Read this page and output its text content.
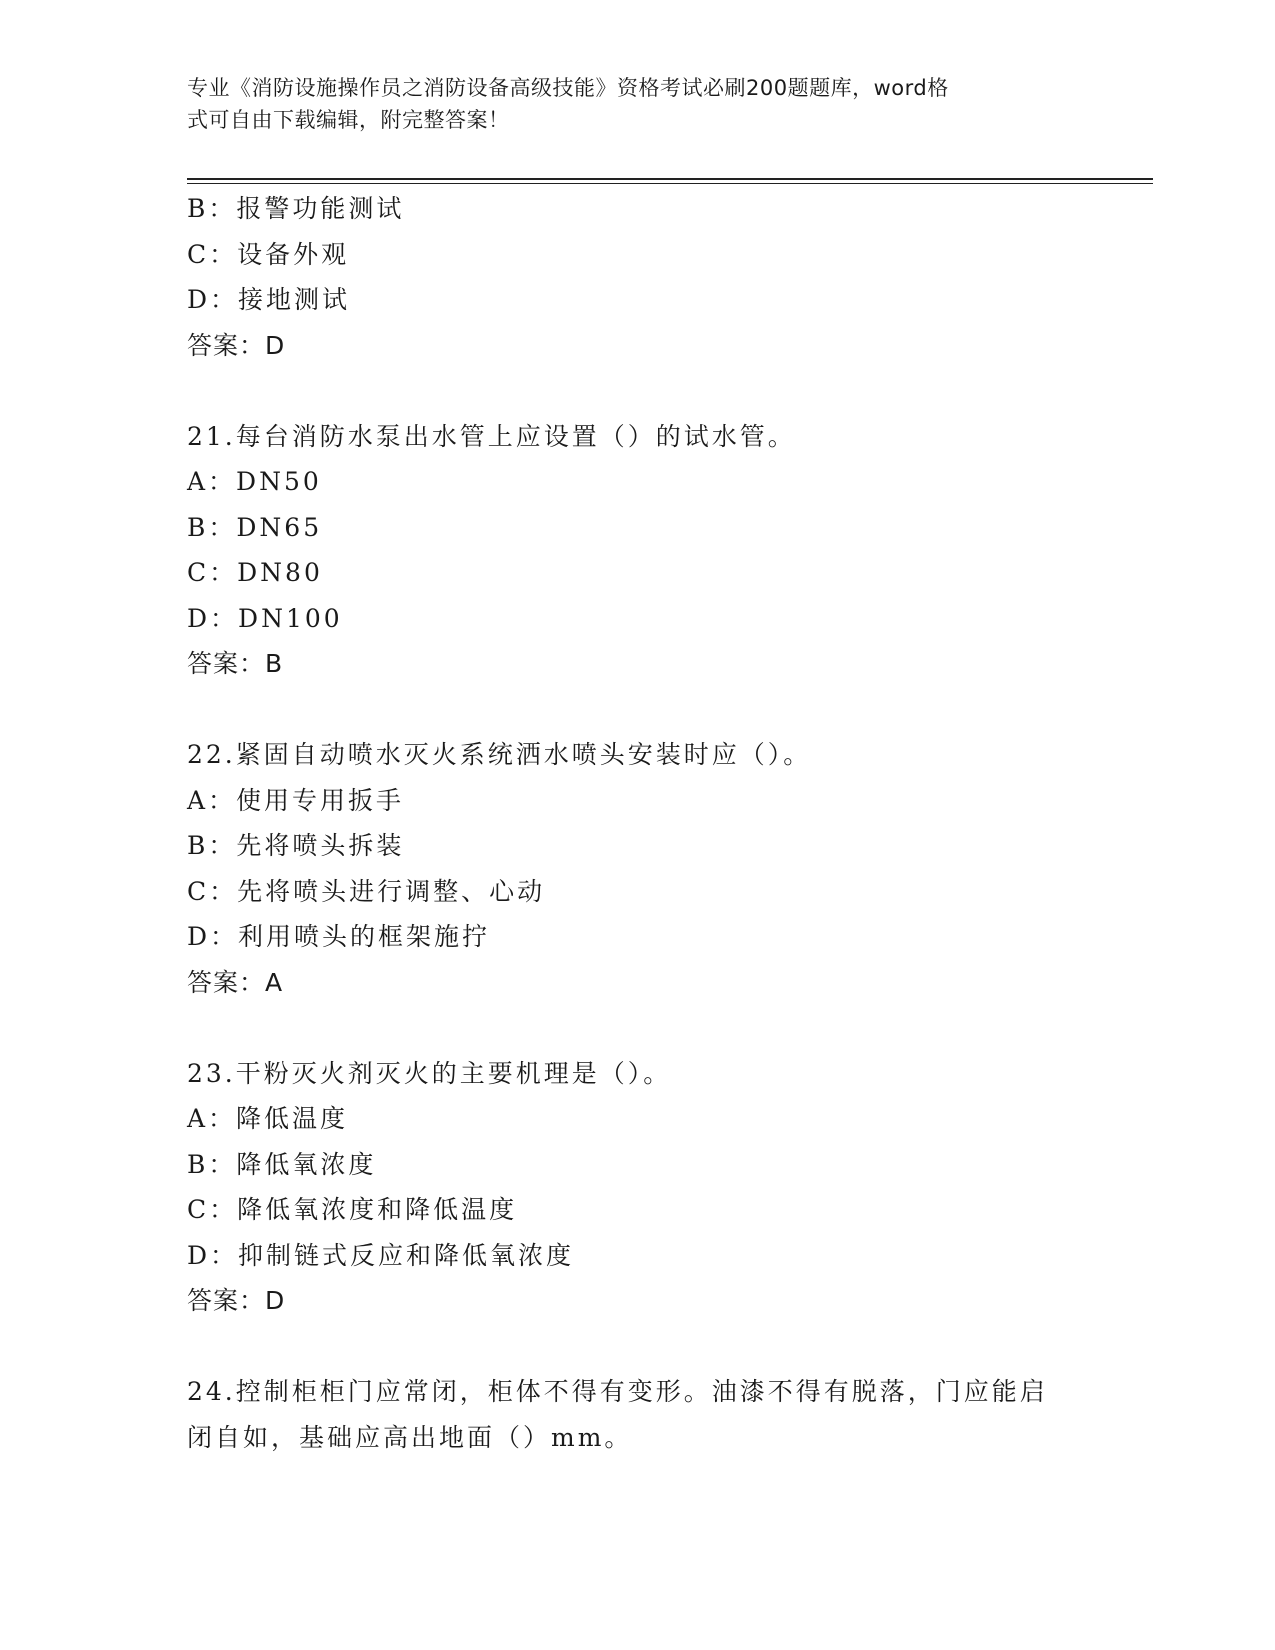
专业《消防设施操作员之消防设备高级技能》资格考试必刷200题题库，word格
式可自由下载编辑，附完整答案！
B：报警功能测试
C：设备外观
D：接地测试
答案：D
21.每台消防水泵出水管上应设置（）的试水管。
A：DN50
B：DN65
C：DN80
D：DN100
答案：B
22.紧固自动喷水灭火系统洒水喷头安装时应（）。
A：使用专用扳手
B：先将喷头拆装
C：先将喷头进行调整、心动
D：利用喷头的框架施拧
答案：A
23.干粉灭火剂灭火的主要机理是（）。
A：降低温度
B：降低氧浓度
C：降低氧浓度和降低温度
D：抑制链式反应和降低氧浓度
答案：D
24.控制柜柜门应常闭，柜体不得有变形。油漆不得有脱落，门应能启
闭自如，基础应高出地面（）mm。
